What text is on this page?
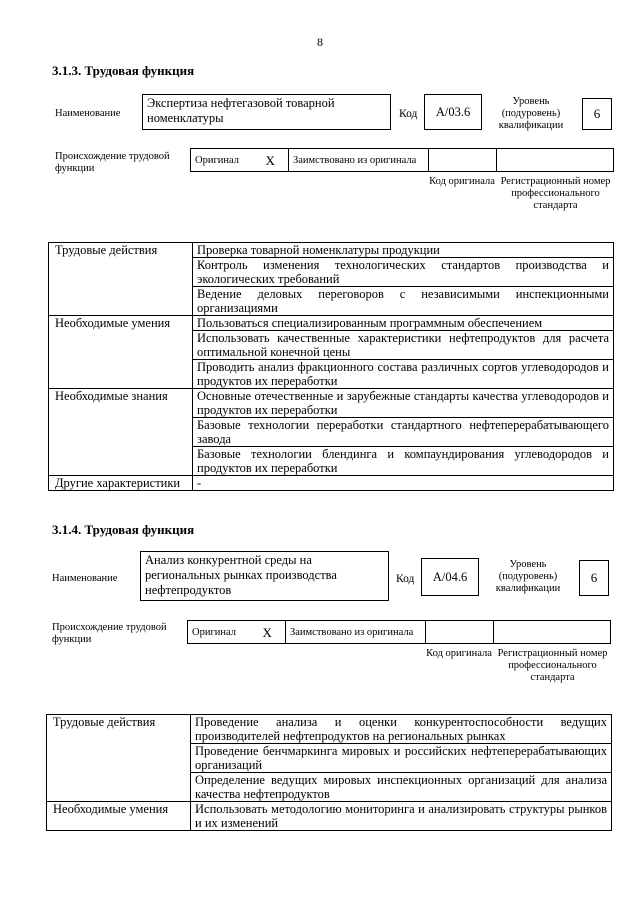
8
3.1.3. Трудовая функция
Наименование
Экспертиза нефтегазовой товарной номенклатуры	Код A/03.6
Уровень (подуровень) квалификации
6
Происхождение трудовой функции
Оригинал	X	Заимствовано из оригинала		
Код оригинала Регистрационный номер профессионального стандарта
Трудовые действия	Проверка товарной номенклатуры продукции
	Контроль изменения технологических стандартов производства и экологических требований
	Ведение деловых переговоров с независимыми инспекционными организациями
Необходимые умения	Пользоваться специализированным программным обеспечением
	Использовать качественные характеристики нефтепродуктов для расчета оптимальной конечной цены
	Проводить анализ фракционного состава различных сортов углеводородов и продуктов их переработки
Необходимые знания	Основные отечественные и зарубежные стандарты качества углеводородов и продуктов их переработки
	Базовые технологии переработки стандартного нефтеперерабатывающего завода
	Базовые технологии блендинга и компаундирования углеводородов и продуктов их переработки
Другие характеристики	-
3.1.4. Трудовая функция
Наименование
Анализ конкурентной среды на региональных рынках производства нефтепродуктов
Код A/04.6
Уровень (подуровень) квалификации
6
Происхождение трудовой функции
Оригинал	X	Заимствовано из оригинала		
Код оригинала Регистрационный номер профессионального стандарта
Трудовые действия	Проведение анализа и оценки конкурентоспособности ведущих производителей нефтепродуктов на региональных рынках
	Проведение бенчмаркинга мировых и российских нефтеперерабатывающих организаций
	Определение ведущих мировых инспекционных организаций для анализа качества нефтепродуктов
Необходимые умения	Использовать методологию мониторинга и анализировать структуры рынков и их изменений
